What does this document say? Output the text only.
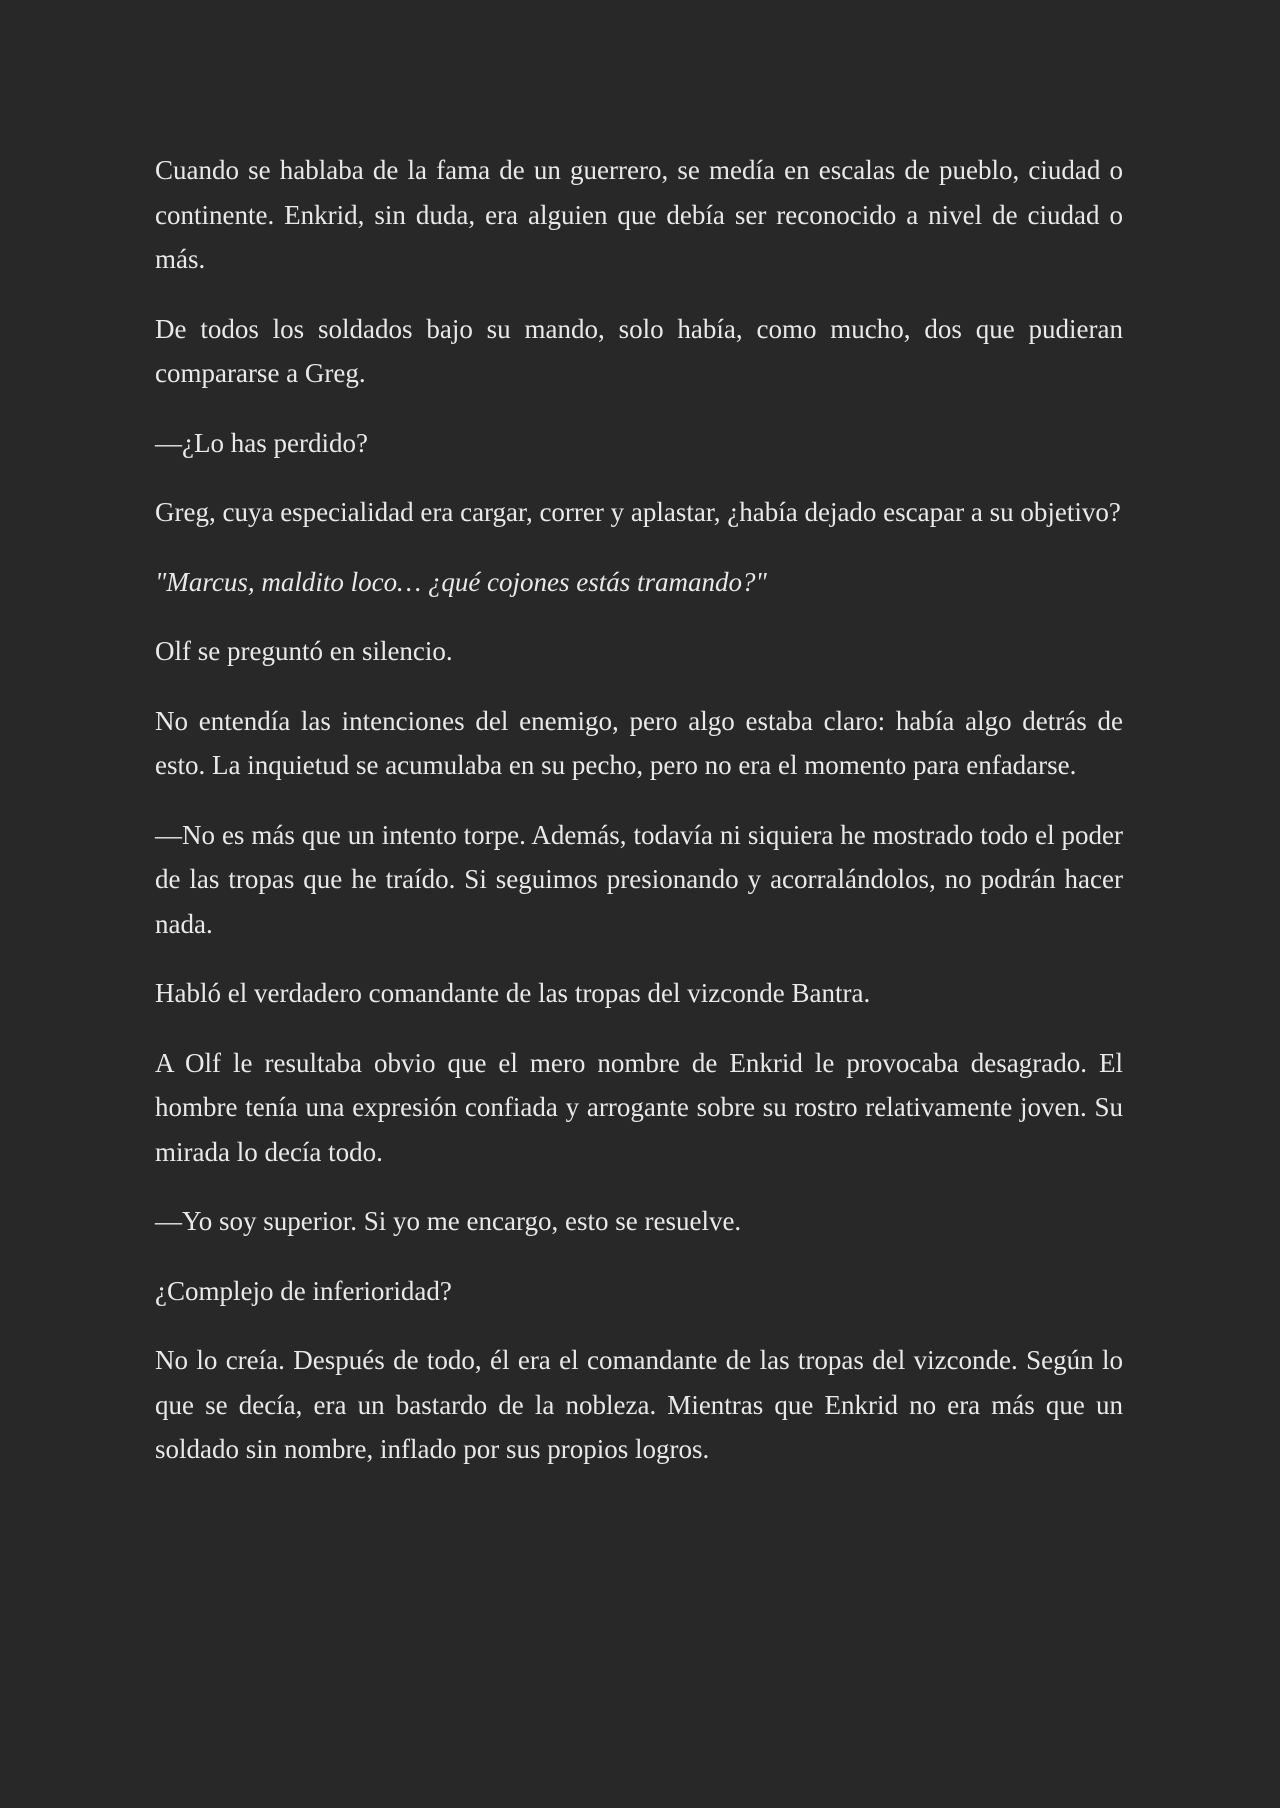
Cuando se hablaba de la fama de un guerrero, se medía en escalas de pueblo, ciudad o continente. Enkrid, sin duda, era alguien que debía ser reconocido a nivel de ciudad o más.

De todos los soldados bajo su mando, solo había, como mucho, dos que pudieran compararse a Greg.

—¿Lo has perdido?

Greg, cuya especialidad era cargar, correr y aplastar, ¿había dejado escapar a su objetivo?

"Marcus, maldito loco… ¿qué cojones estás tramando?"

Olf se preguntó en silencio.

No entendía las intenciones del enemigo, pero algo estaba claro: había algo detrás de esto. La inquietud se acumulaba en su pecho, pero no era el momento para enfadarse.

—No es más que un intento torpe. Además, todavía ni siquiera he mostrado todo el poder de las tropas que he traído. Si seguimos presionando y acorralándolos, no podrán hacer nada.

Habló el verdadero comandante de las tropas del vizconde Bantra.

A Olf le resultaba obvio que el mero nombre de Enkrid le provocaba desagrado. El hombre tenía una expresión confiada y arrogante sobre su rostro relativamente joven. Su mirada lo decía todo.

—Yo soy superior. Si yo me encargo, esto se resuelve.

¿Complejo de inferioridad?

No lo creía. Después de todo, él era el comandante de las tropas del vizconde. Según lo que se decía, era un bastardo de la nobleza. Mientras que Enkrid no era más que un soldado sin nombre, inflado por sus propios logros.
